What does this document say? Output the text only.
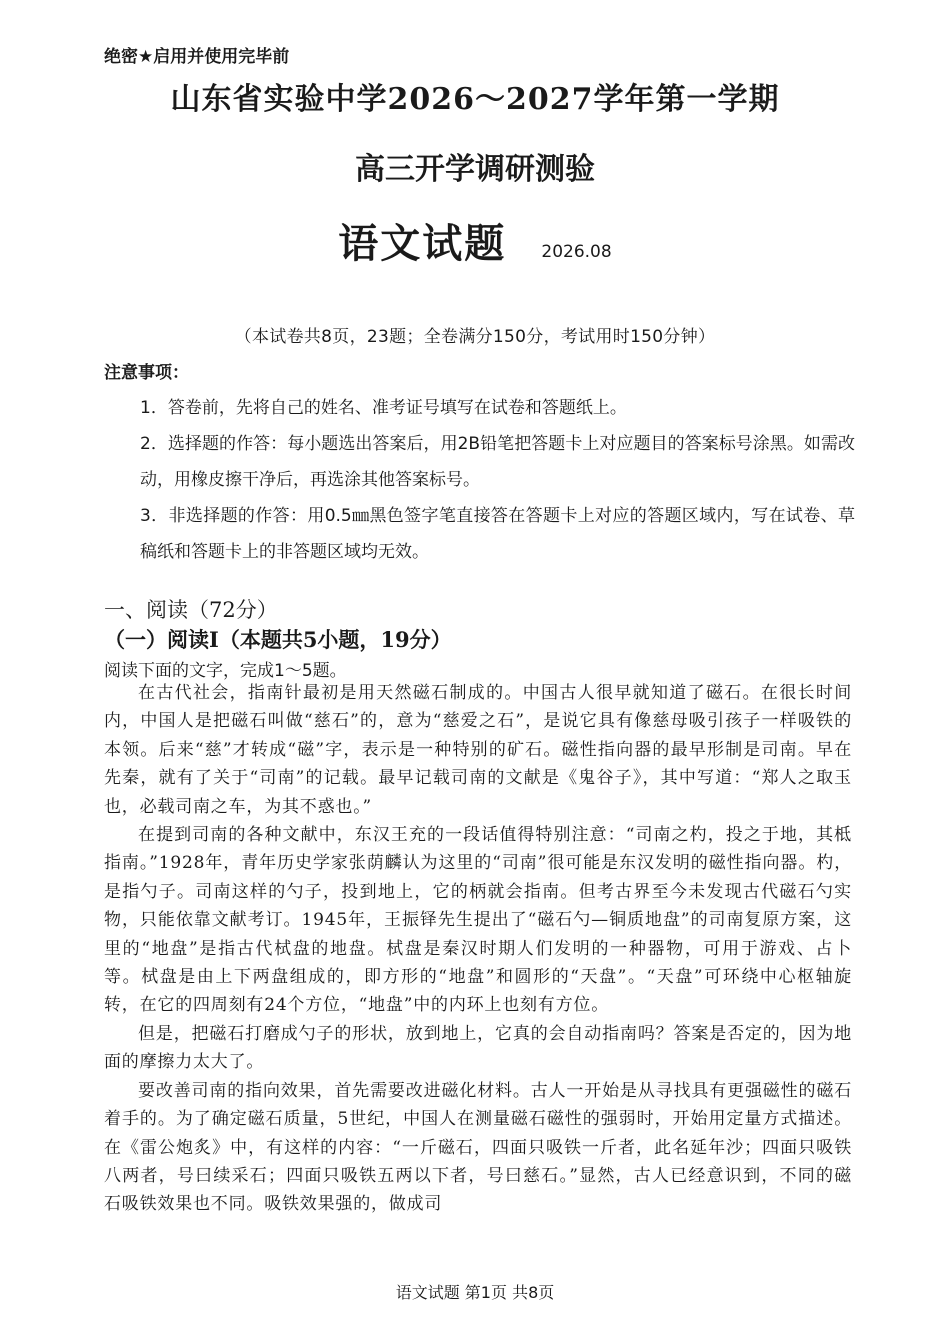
绝密★启用并使用完毕前
山东省实验中学2026～2027学年第一学期
高三开学调研测验
语文试题 2026.08
（本试卷共8页，23题；全卷满分150分，考试用时150分钟）
注意事项：

1．答卷前，先将自己的姓名、准考证号填写在试卷和答题纸上。

2．选择题的作答：每小题选出答案后，用2B铅笔把答题卡上对应题目的答案标号涂黑。如需改动，用橡皮擦干净后，再选涂其他答案标号。

3．非选择题的作答：用0.5㎜黑色签字笔直接答在答题卡上对应的答题区域内，写在试卷、草稿纸和答题卡上的非答题区域均无效。

一、阅读（72分）
（一）阅读Ⅰ（本题共5小题，19分）
阅读下面的文字，完成1～5题。

在古代社会，指南针最初是用天然磁石制成的。中国古人很早就知道了磁石。在很长时间内，中国人是把磁石叫做“慈石”的，意为“慈爱之石”，是说它具有像慈母吸引孩子一样吸铁的本领。后来“慈”才转成“磁”字，表示是一种特别的矿石。磁性指向器的最早形制是司南。早在先秦，就有了关于“司南”的记载。最早记载司南的文献是《鬼谷子》，其中写道：“郑人之取玉也，必载司南之车，为其不惑也。”

在提到司南的各种文献中，东汉王充的一段话值得特别注意：“司南之杓，投之于地，其柢指南。”1928年，青年历史学家张荫麟认为这里的“司南”很可能是东汉发明的磁性指向器。杓，是指勺子。司南这样的勺子，投到地上，它的柄就会指南。但考古界至今未发现古代磁石勺实物，只能依靠文献考订。1945年，王振铎先生提出了“磁石勺—铜质地盘”的司南复原方案，这里的“地盘”是指古代栻盘的地盘。栻盘是秦汉时期人们发明的一种器物，可用于游戏、占卜等。栻盘是由上下两盘组成的，即方形的“地盘”和圆形的“天盘”。“天盘”可环绕中心枢轴旋转，在它的四周刻有24个方位，“地盘”中的内环上也刻有方位。

但是，把磁石打磨成勺子的形状，放到地上，它真的会自动指南吗？答案是否定的，因为地面的摩擦力太大了。

要改善司南的指向效果，首先需要改进磁化材料。古人一开始是从寻找具有更强磁性的磁石着手的。为了确定磁石质量，5世纪，中国人在测量磁石磁性的强弱时，开始用定量方式描述。在《雷公炮炙》中，有这样的内容：“一斤磁石，四面只吸铁一斤者，此名延年沙；四面只吸铁八两者，号曰续采石；四面只吸铁五两以下者，号曰慈石。”显然，古人已经意识到，不同的磁石吸铁效果也不同。吸铁效果强的，做成司

语文试题 第1页 共8页
